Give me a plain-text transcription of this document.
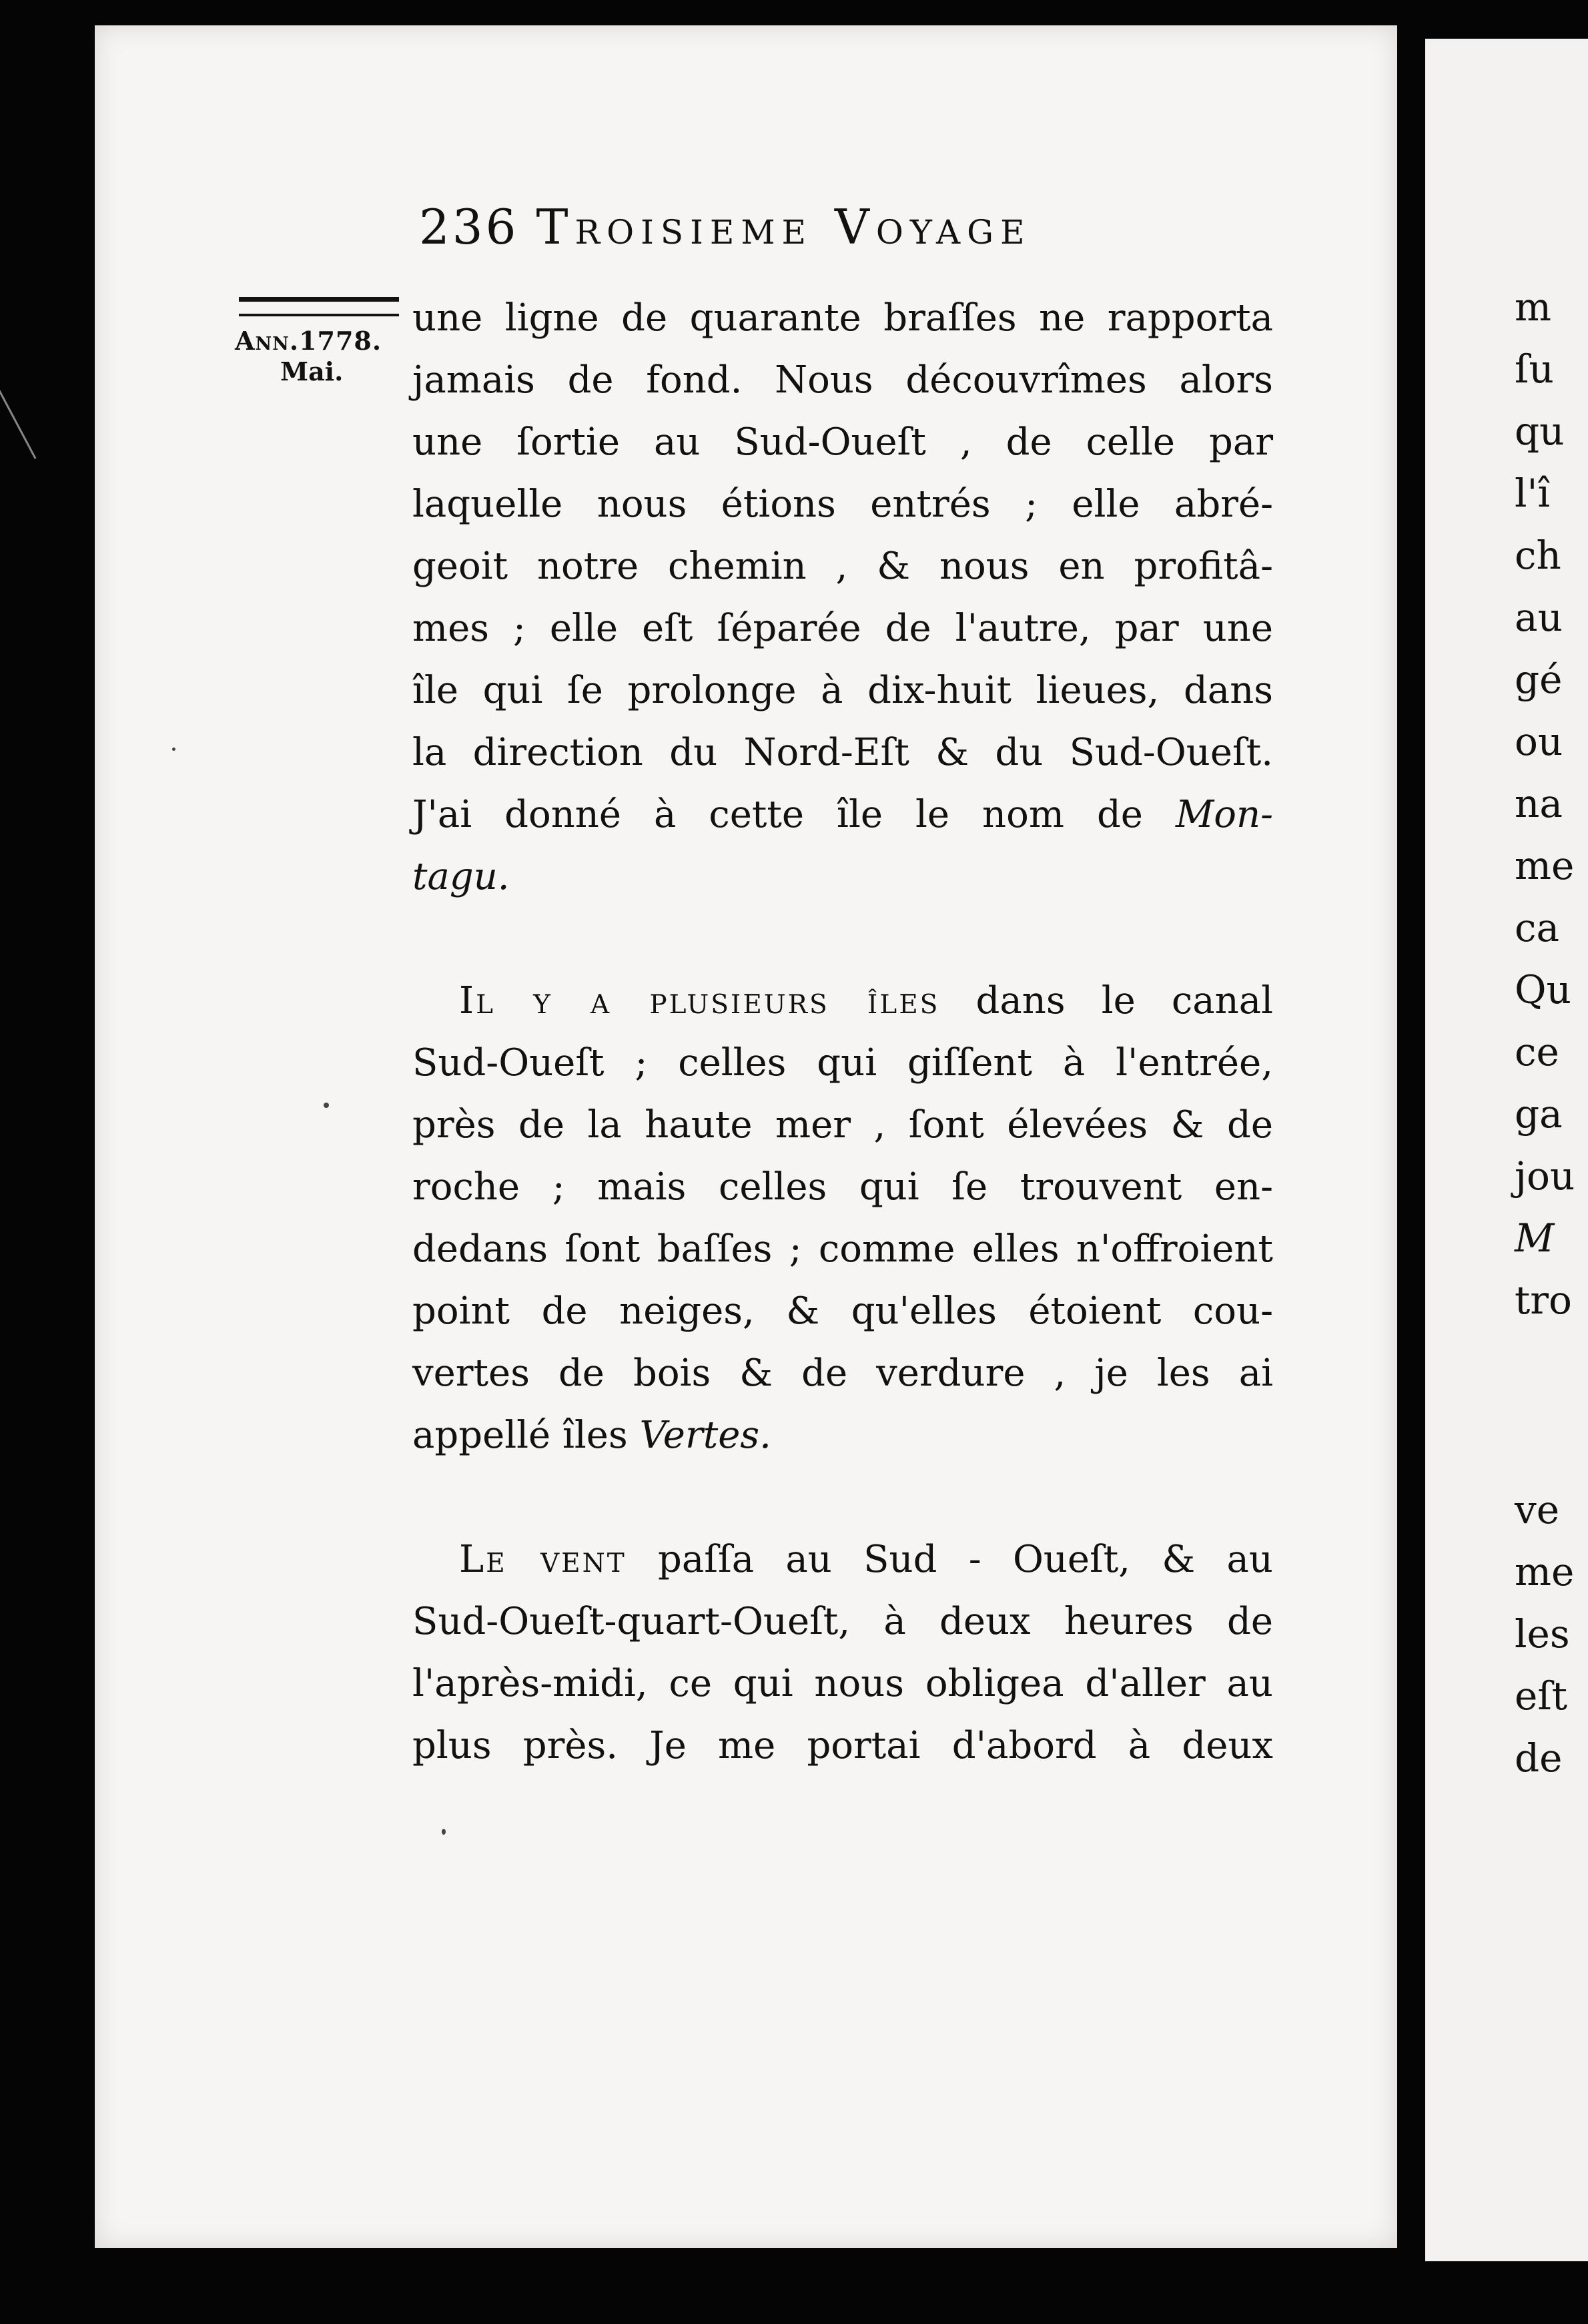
236 Troisieme Voyage
Ann.1778.
Mai.
une ligne de quarante braſſes ne rapporta
jamais de fond. Nous découvrîmes alors
une ſortie au Sud-Oueſt , de celle par
laquelle nous étions entrés ; elle abré-
geoit notre chemin , & nous en profitâ-
mes ; elle eſt ſéparée de l'autre, par une
île qui ſe prolonge à dix-huit lieues, dans
la direction du Nord-Eſt & du Sud-Oueſt.
J'ai donné à cette île le nom de Mon-
tagu.
Il y a plusieurs îles dans le canal
Sud-Oueſt ; celles qui giſſent à l'entrée,
près de la haute mer , ſont élevées & de
roche ; mais celles qui ſe trouvent en-
dedans ſont baſſes ; comme elles n'offroient
point de neiges, & qu'elles étoient cou-
vertes de bois & de verdure , je les ai
appellé îles Vertes.
Le vent paſſa au Sud - Oueſt, & au
Sud-Oueſt-quart-Oueſt, à deux heures de
l'après-midi, ce qui nous obligea d'aller au
plus près. Je me portai d'abord à deux
m
ſu
qu
l'î
ch
au
gé
ou
na
me
ca
Qu
ce
ga
jou
M
tro
ve
me
les
eſt
de
